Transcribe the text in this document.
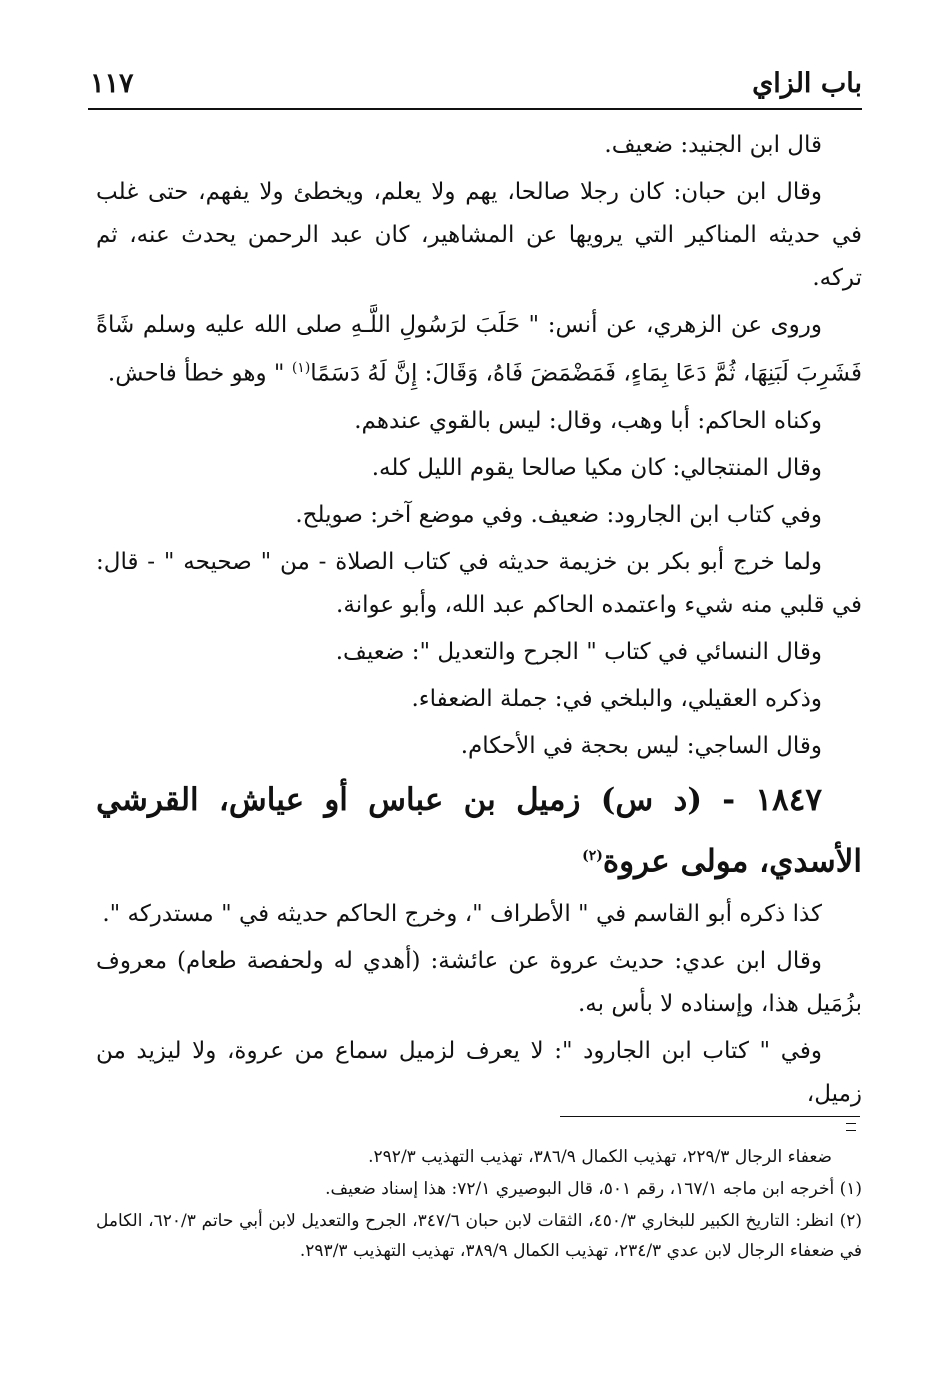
باب الزاي
١١٧

قال ابن الجنيد: ضعيف.

وقال ابن حبان: كان رجلا صالحا، يهم ولا يعلم، ويخطئ ولا يفهم، حتى غلب في حديثه المناكير التي يرويها عن المشاهير، كان عبد الرحمن يحدث عنه، ثم تركه.

وروى عن الزهري، عن أنس: " حَلَبَ لرَسُولِ اللَّـهِ صلى الله عليه وسلم شَاةً فَشَرِبَ لَبَنِهَا، ثُمَّ دَعَا بِمَاءٍ، فَمَضْمَضَ فَاهُ، وَقَالَ: إِنَّ لَهُ دَسَمًا$^{(١)}$ " وهو خطأ فاحش.

وكناه الحاكم: أبا وهب، وقال: ليس بالقوي عندهم.

وقال المنتجالي: كان مكيا صالحا يقوم الليل كله.

وفي كتاب ابن الجارود: ضعيف. وفي موضع آخر: صويلح.

ولما خرج أبو بكر بن خزيمة حديثه في كتاب الصلاة - من " صحيحه " - قال: في قلبي منه شيء واعتمده الحاكم عبد الله، وأبو عوانة.

وقال النسائي في كتاب " الجرح والتعديل ": ضعيف.

وذكره العقيلي، والبلخي في: جملة الضعفاء.

وقال الساجي: ليس بحجة في الأحكام.

١٨٤٧ - (د س) زميل بن عباس أو عياش، القرشي الأسدي، مولى عروة$^{(٢)}$

كذا ذكره أبو القاسم في " الأطراف "، وخرج الحاكم حديثه في " مستدركه ".

وقال ابن عدي: حديث عروة عن عائشة: (أهدي له ولحفصة طعام) معروف بزُمَيل هذا، وإسناده لا بأس به.

وفي " كتاب ابن الجارود ": لا يعرف لزميل سماع من عروة، ولا ليزيد من زميل،

ضعفاء الرجال ٢٢٩/٣، تهذيب الكمال ٣٨٦/٩، تهذيب التهذيب ٢٩٢/٣.

(١) أخرجه ابن ماجه ١٦٧/١، رقم ٥٠١، قال البوصيري ٧٢/١: هذا إسناد ضعيف.

(٢) انظر: التاريخ الكبير للبخاري ٤٥٠/٣، الثقات لابن حبان ٣٤٧/٦، الجرح والتعديل لابن أبي حاتم ٦٢٠/٣، الكامل في ضعفاء الرجال لابن عدي ٢٣٤/٣، تهذيب الكمال ٣٨٩/٩، تهذيب التهذيب ٢٩٣/٣.
